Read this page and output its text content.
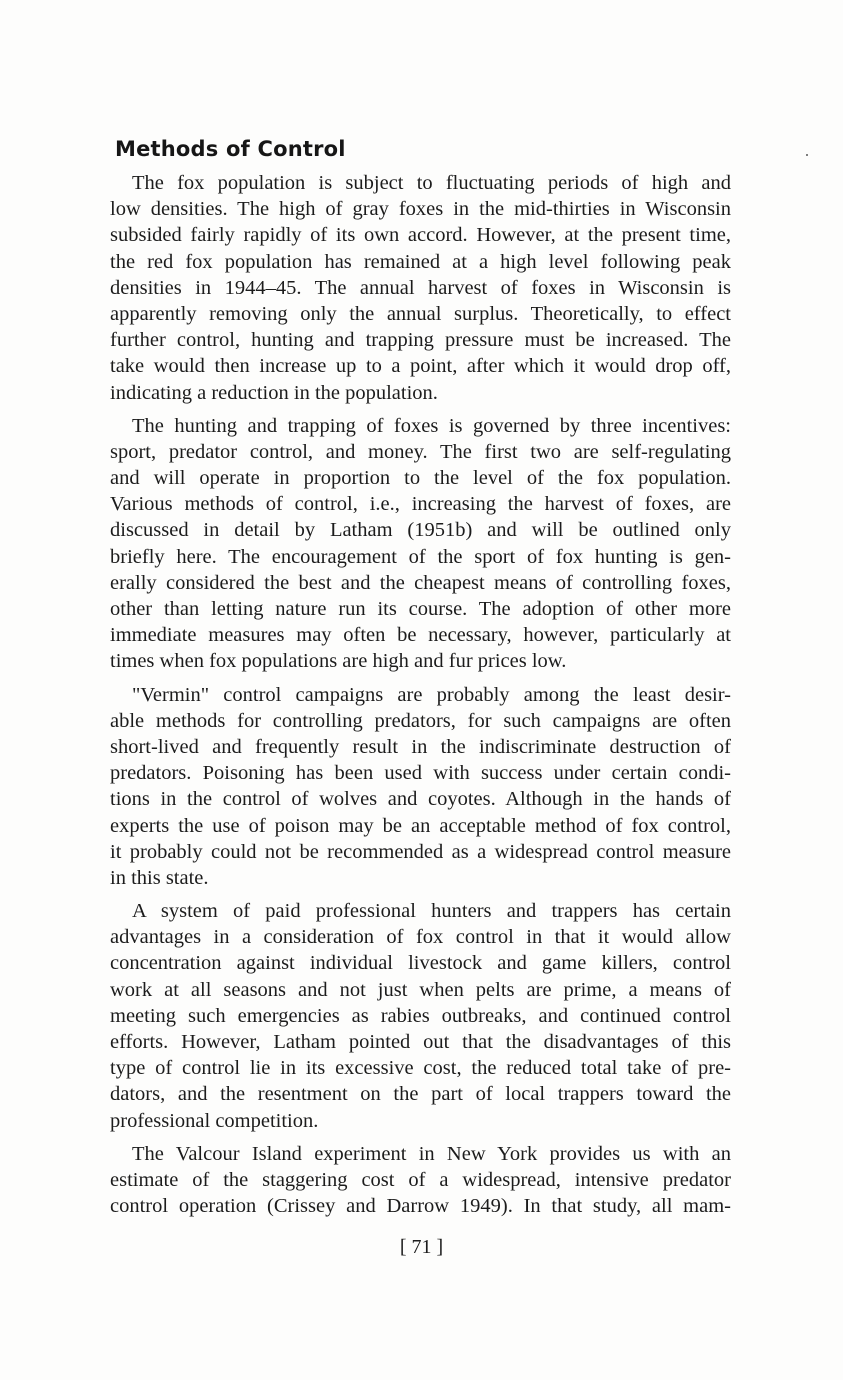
Methods of Control
The fox population is subject to fluctuating periods of high and
low densities. The high of gray foxes in the mid-thirties in Wisconsin
subsided fairly rapidly of its own accord. However, at the present time,
the red fox population has remained at a high level following peak
densities in 1944–45. The annual harvest of foxes in Wisconsin is
apparently removing only the annual surplus. Theoretically, to effect
further control, hunting and trapping pressure must be increased. The
take would then increase up to a point, after which it would drop off,
indicating a reduction in the population.
The hunting and trapping of foxes is governed by three incentives:
sport, predator control, and money. The first two are self-regulating
and will operate in proportion to the level of the fox population.
Various methods of control, i.e., increasing the harvest of foxes, are
discussed in detail by Latham (1951b) and will be outlined only
briefly here. The encouragement of the sport of fox hunting is gen-
erally considered the best and the cheapest means of controlling foxes,
other than letting nature run its course. The adoption of other more
immediate measures may often be necessary, however, particularly at
times when fox populations are high and fur prices low.
"Vermin" control campaigns are probably among the least desir-
able methods for controlling predators, for such campaigns are often
short-lived and frequently result in the indiscriminate destruction of
predators. Poisoning has been used with success under certain condi-
tions in the control of wolves and coyotes. Although in the hands of
experts the use of poison may be an acceptable method of fox control,
it probably could not be recommended as a widespread control measure
in this state.
A system of paid professional hunters and trappers has certain
advantages in a consideration of fox control in that it would allow
concentration against individual livestock and game killers, control
work at all seasons and not just when pelts are prime, a means of
meeting such emergencies as rabies outbreaks, and continued control
efforts. However, Latham pointed out that the disadvantages of this
type of control lie in its excessive cost, the reduced total take of pre-
dators, and the resentment on the part of local trappers toward the
professional competition.
The Valcour Island experiment in New York provides us with an
estimate of the staggering cost of a widespread, intensive predator
control operation (Crissey and Darrow 1949). In that study, all mam-
[ 71 ]
